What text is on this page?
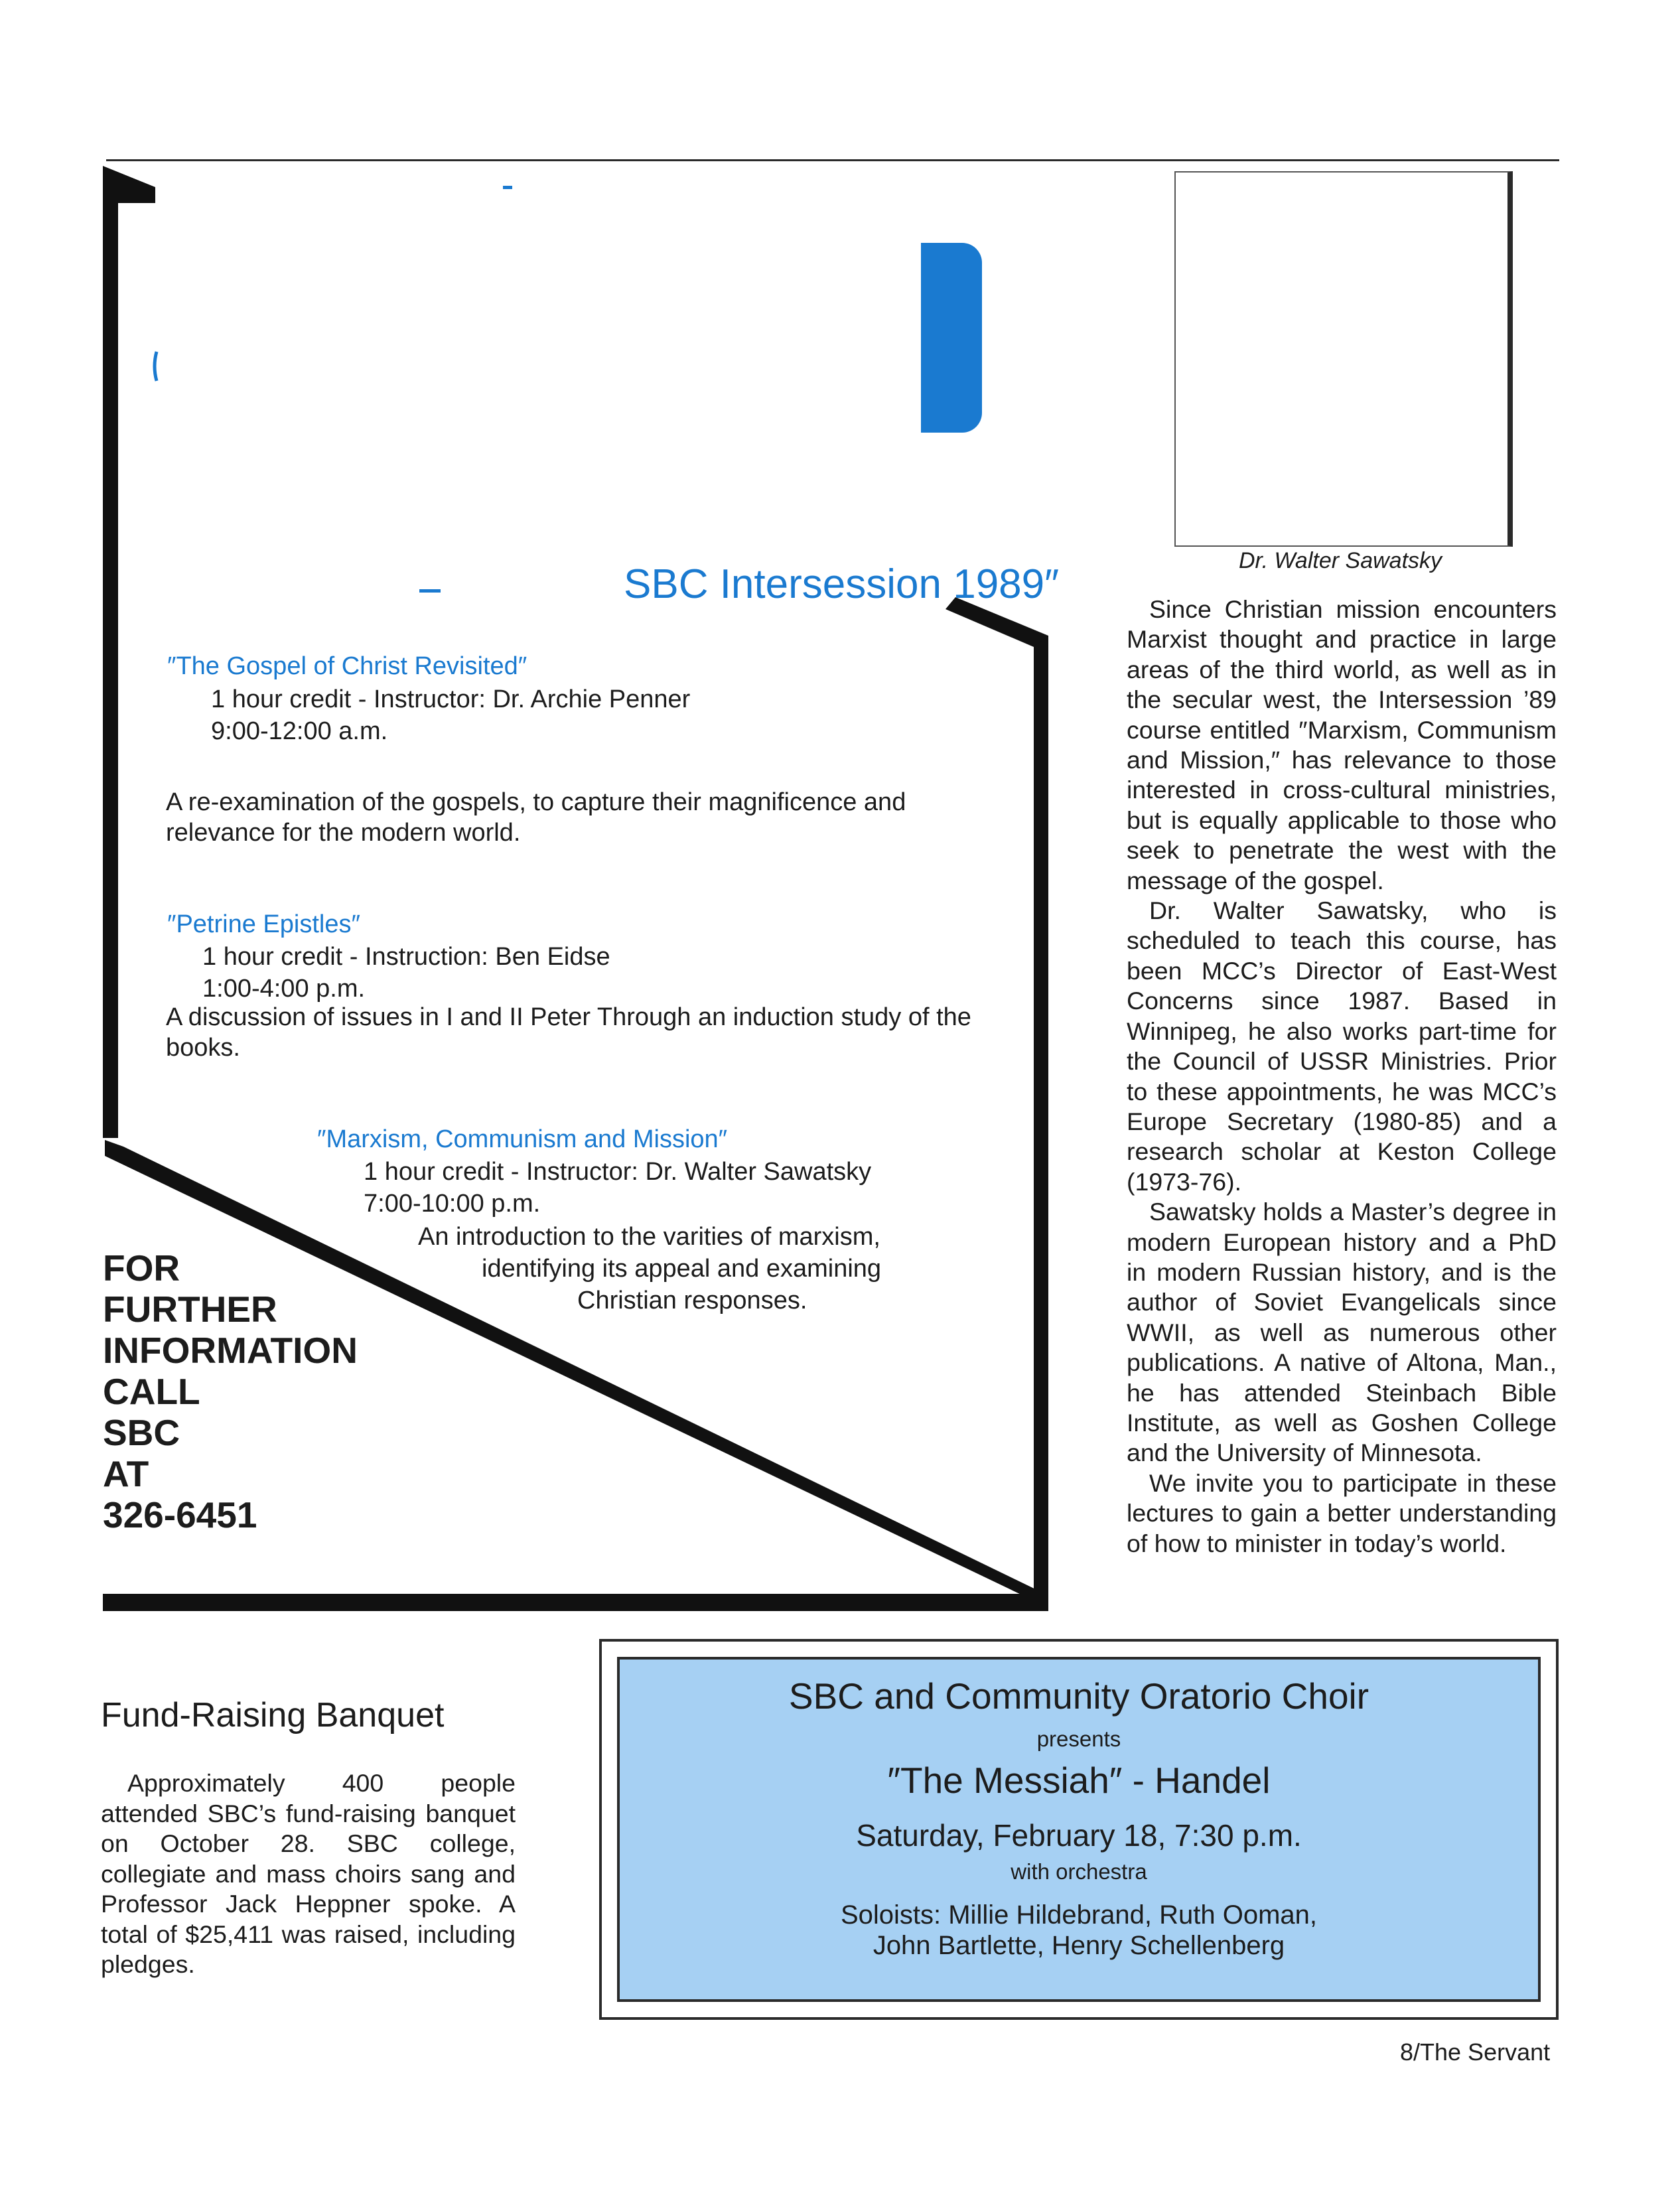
SBC Intersession 1989″
″The Gospel of Christ Revisited″
1 hour credit - Instructor: Dr. Archie Penner
9:00-12:00 a.m.
A re-examination of the gospels, to capture their magnificence and relevance for the modern world.
″Petrine Epistles″
1 hour credit - Instruction: Ben Eidse
1:00-4:00 p.m.
A discussion of issues in I and II Peter Through an induction study of the books.
″Marxism, Communism and Mission″
1 hour credit - Instructor: Dr. Walter Sawatsky
7:00-10:00 p.m.
An introduction to the varities of marxism,
identifying its appeal and examining
Christian responses.
FOR
FURTHER
INFORMATION
CALL
SBC
AT
326-6451
Dr. Walter Sawatsky

Since Christian mission encounters Marxist thought and practice in large areas of the third world, as well as in the secular west, the Intersession ’89 course entitled ″Marxism, Communism and Mission,″ has relevance to those interested in cross-cultural ministries, but is equally applicable to those who seek to penetrate the west with the message of the gospel.

Dr. Walter Sawatsky, who is scheduled to teach this course, has been MCC’s Director of East-West Concerns since 1987. Based in Winnipeg, he also works part-time for the Council of USSR Ministries. Prior to these appointments, he was MCC’s Europe Secretary (1980-85) and a research scholar at Keston College (1973-76).

Sawatsky holds a Master’s degree in modern European history and a PhD in modern Russian history, and is the author of Soviet Evangelicals since WWII, as well as numerous other publications. A native of Altona, Man., he has attended Steinbach Bible Institute, as well as Goshen College and the University of Minnesota.

We invite you to participate in these lectures to gain a better understanding of how to minister in today’s world.

Fund-Raising Banquet
Approximately 400 people attended SBC’s fund-raising banquet on October 28. SBC college, collegiate and mass choirs sang and Professor Jack Heppner spoke. A total of $25,411 was raised, including pledges.
SBC and Community Oratorio Choir
presents
″The Messiah″ - Handel
Saturday, February 18, 7:30 p.m.
with orchestra
Soloists: Millie Hildebrand, Ruth Ooman,
John Bartlette, Henry Schellenberg
8/The Servant
